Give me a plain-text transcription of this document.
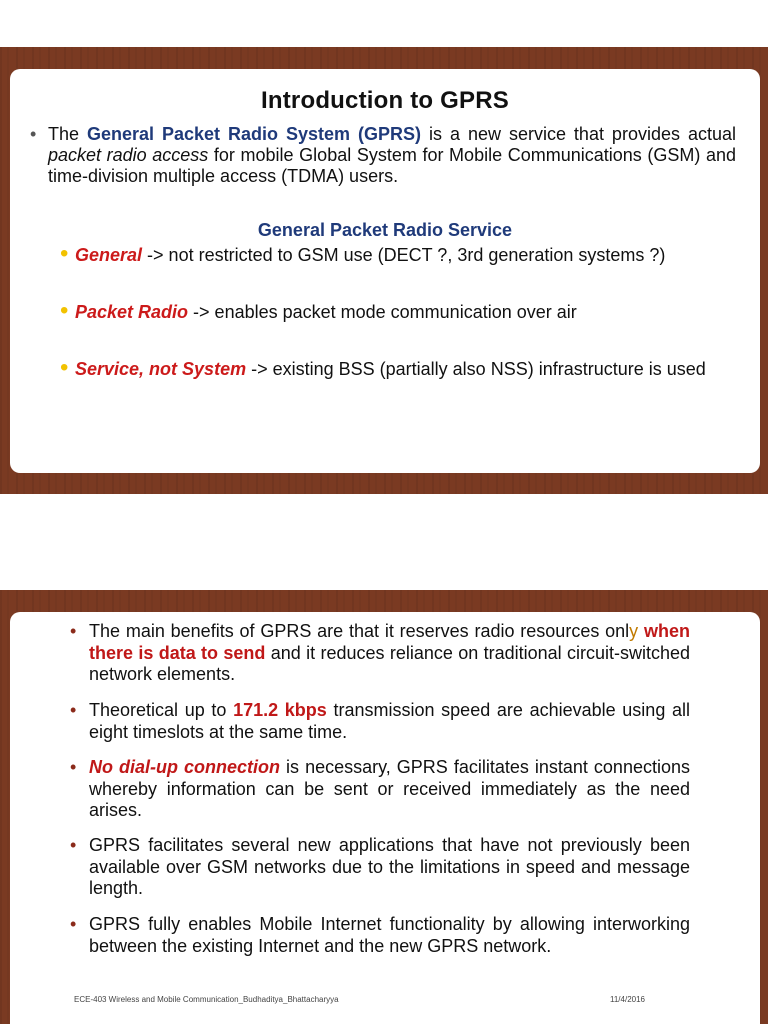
Introduction to GPRS
• The General Packet Radio System (GPRS) is a new service that provides actual packet radio access for mobile Global System for Mobile Communications (GSM) and time-division multiple access (TDMA) users.
General Packet Radio Service
• General -> not restricted to GSM use (DECT ?, 3rd generation systems ?)
• Packet Radio -> enables packet mode communication over air
• Service, not System -> existing BSS (partially also NSS) infrastructure is used
• The main benefits of GPRS are that it reserves radio resources only when there is data to send and it reduces reliance on traditional circuit-switched network elements.
• Theoretical up to 171.2 kbps transmission speed are achievable using all eight timeslots at the same time.
• No dial-up connection is necessary, GPRS facilitates instant connections whereby information can be sent or received immediately as the need arises.
• GPRS facilitates several new applications that have not previously been available over GSM networks due to the limitations in speed and message length.
• GPRS fully enables Mobile Internet functionality by allowing interworking between the existing Internet and the new GPRS network.
ECE-403 Wireless and Mobile Communication_Budhaditya_Bhattacharyya	11/4/2016
